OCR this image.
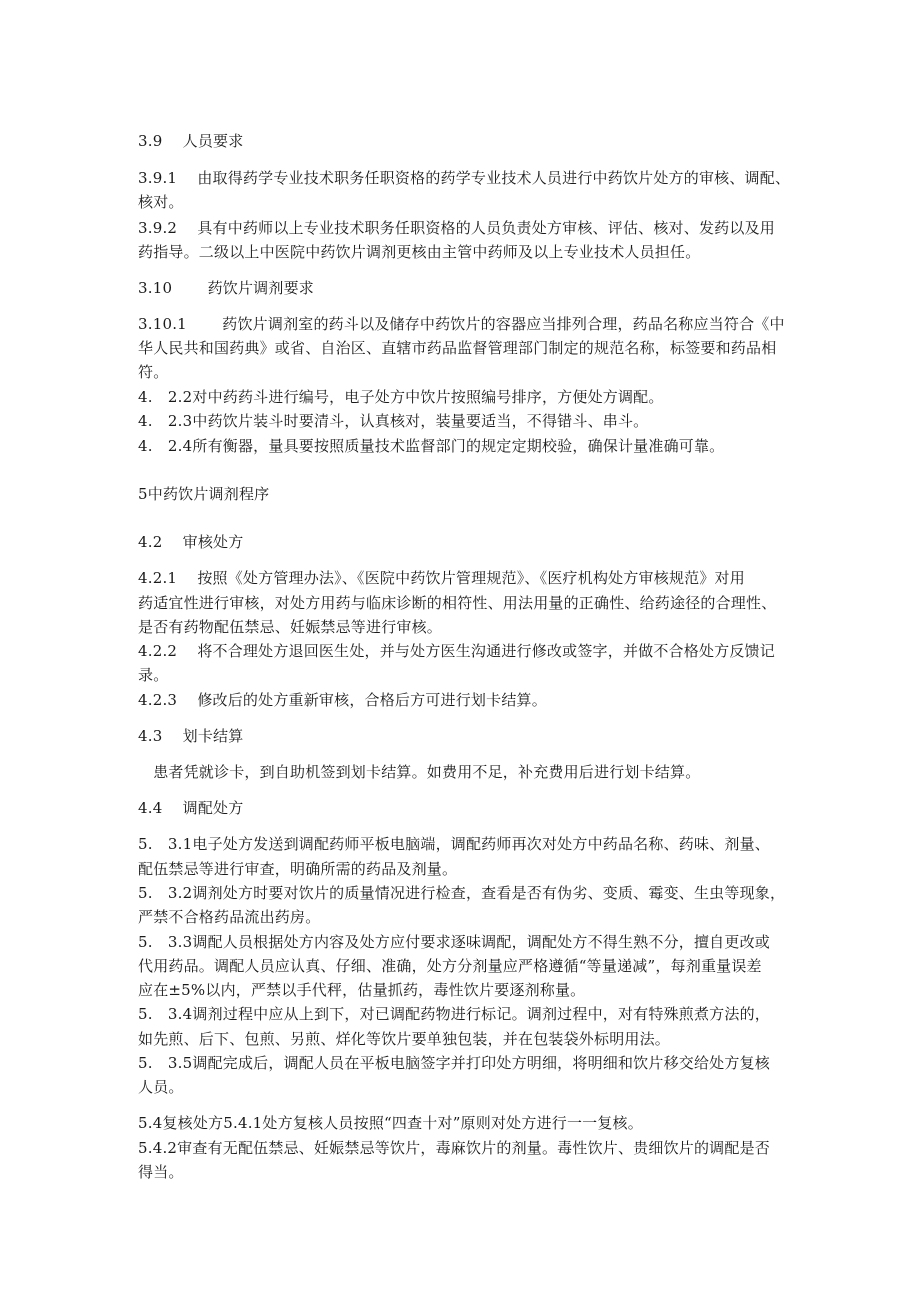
3.9　 人员要求
3.9.1　 由取得药学专业技术职务任职资格的药学专业技术人员进行中药饮片处方的审核、调配、
核对。
3.9.2　 具有中药师以上专业技术职务任职资格的人员负责处方审核、评估、核对、发药以及用
药指导。二级以上中医院中药饮片调剂更核由主管中药师及以上专业技术人员担任。
3.10　　 药饮片调剂要求
3.10.1　　 药饮片调剂室的药斗以及储存中药饮片的容器应当排列合理，药品名称应当符合《中
华人民共和国药典》或省、自治区、直辖市药品监督管理部门制定的规范名称，标签要和药品相
符。
4.　2.2对中药药斗进行编号，电子处方中饮片按照编号排序，方便处方调配。
4.　2.3中药饮片装斗时要清斗，认真核对，装量要适当，不得错斗、串斗。
4.　2.4所有衡器，量具要按照质量技术监督部门的规定定期校验，确保计量准确可靠。
5中药饮片调剂程序
4.2　 审核处方
4.2.1　 按照《处方管理办法》、《医院中药饮片管理规范》、《医疗机构处方审核规范》对用
药适宜性进行审核，对处方用药与临床诊断的相符性、用法用量的正确性、给药途径的合理性、
是否有药物配伍禁忌、妊娠禁忌等进行审核。
4.2.2　 将不合理处方退回医生处，并与处方医生沟通进行修改或签字，并做不合格处方反馈记
录。
4.2.3　 修改后的处方重新审核，合格后方可进行划卡结算。
4.3　 划卡结算
　患者凭就诊卡，到自助机签到划卡结算。如费用不足，补充费用后进行划卡结算。
4.4　 调配处方
5.　3.1电子处方发送到调配药师平板电脑端，调配药师再次对处方中药品名称、药味、剂量、
配伍禁忌等进行审查，明确所需的药品及剂量。
5.　3.2调剂处方时要对饮片的质量情况进行检查，查看是否有伪劣、变质、霉变、生虫等现象，
严禁不合格药品流出药房。
5.　3.3调配人员根据处方内容及处方应付要求逐味调配，调配处方不得生熟不分，擅自更改或
代用药品。调配人员应认真、仔细、准确，处方分剂量应严格遵循“等量递减”，每剂重量误差
应在±5%以内，严禁以手代秤，估量抓药，毒性饮片要逐剂称量。
5.　3.4调剂过程中应从上到下，对已调配药物进行标记。调剂过程中，对有特殊煎煮方法的，
如先煎、后下、包煎、另煎、烊化等饮片要单独包装，并在包装袋外标明用法。
5.　3.5调配完成后，调配人员在平板电脑签字并打印处方明细，将明细和饮片移交给处方复核
人员。
5.4复核处方5.4.1处方复核人员按照“四查十对”原则对处方进行一一复核。
5.4.2审查有无配伍禁忌、妊娠禁忌等饮片，毒麻饮片的剂量。毒性饮片、贵细饮片的调配是否
得当。
